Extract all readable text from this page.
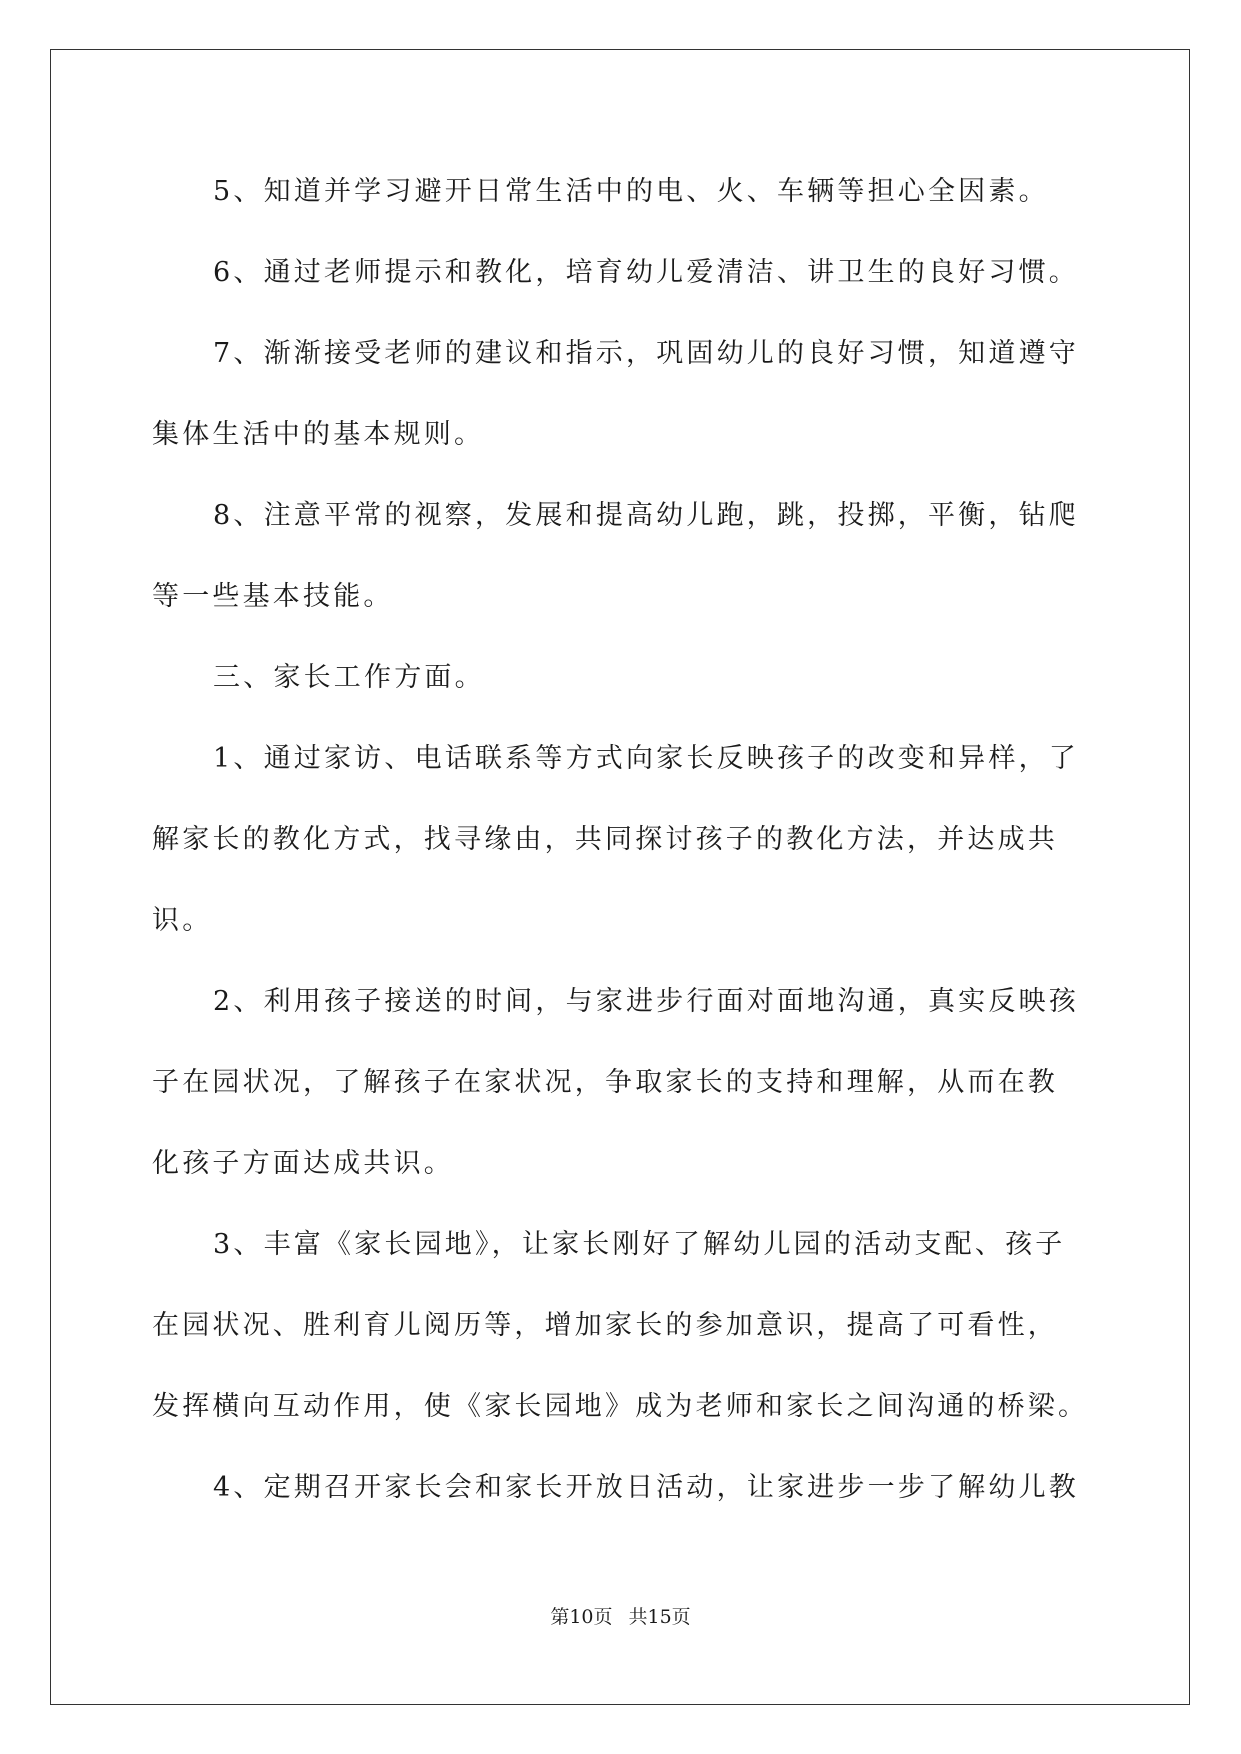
5、知道并学习避开日常生活中的电、火、车辆等担心全因素。
6、通过老师提示和教化，培育幼儿爱清洁、讲卫生的良好习惯。
7、渐渐接受老师的建议和指示，巩固幼儿的良好习惯，知道遵守
集体生活中的基本规则。
8、注意平常的视察，发展和提高幼儿跑，跳，投掷，平衡，钻爬
等一些基本技能。
三、家长工作方面。
1、通过家访、电话联系等方式向家长反映孩子的改变和异样，了
解家长的教化方式，找寻缘由，共同探讨孩子的教化方法，并达成共
识。
2、利用孩子接送的时间，与家进步行面对面地沟通，真实反映孩
子在园状况，了解孩子在家状况，争取家长的支持和理解，从而在教
化孩子方面达成共识。
3、丰富《家长园地》，让家长刚好了解幼儿园的活动支配、孩子
在园状况、胜利育儿阅历等，增加家长的参加意识，提高了可看性，
发挥横向互动作用，使《家长园地》成为老师和家长之间沟通的桥梁。
4、定期召开家长会和家长开放日活动，让家进步一步了解幼儿教
第10页 共15页
